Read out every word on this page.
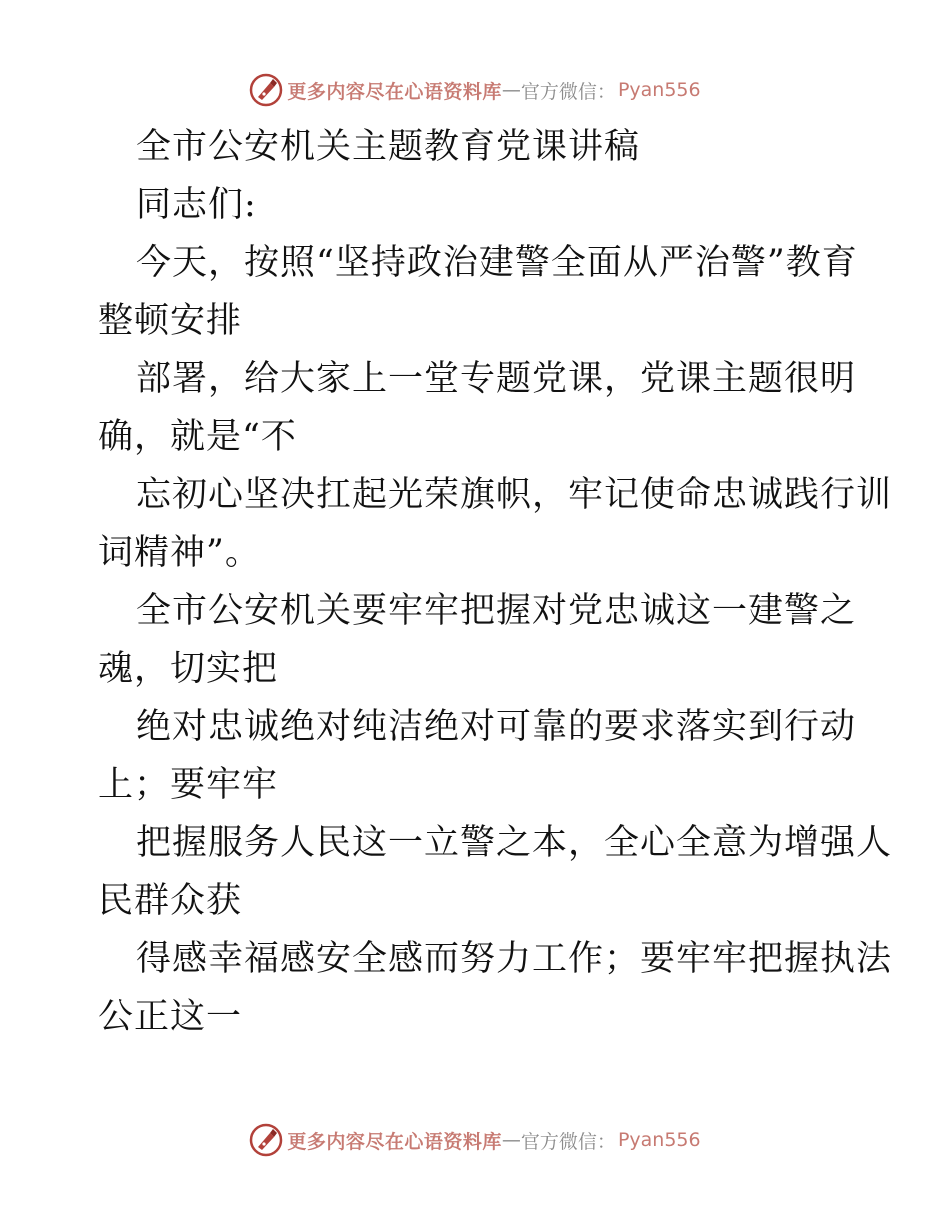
更多内容尽在心语资料库 — 官方微信： Pyan556
全市公安机关主题教育党课讲稿
同志们:
今天，按照“坚持政治建警全面从严治警”教育
整顿安排
部署，给大家上一堂专题党课，党课主题很明
确，就是“不
忘初心坚决扛起光荣旗帜，牢记使命忠诚践行训
词精神”。
全市公安机关要牢牢把握对党忠诚这一建警之
魂，切实把
绝对忠诚绝对纯洁绝对可靠的要求落实到行动
上；要牢牢
把握服务人民这一立警之本，全心全意为增强人
民群众获
得感幸福感安全感而努力工作；要牢牢把握执法
公正这一
更多内容尽在心语资料库 — 官方微信： Pyan556
